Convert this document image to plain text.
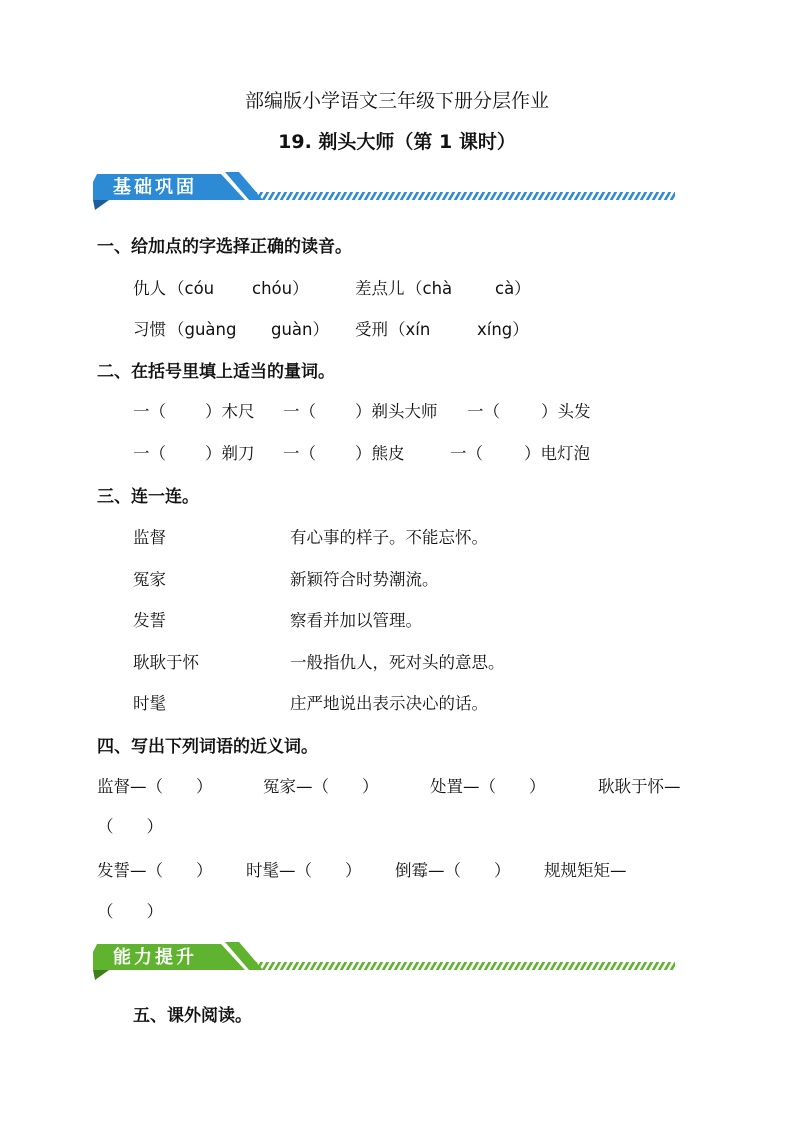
部编版小学语文三年级下册分层作业
19. 剃头大师（第 1 课时）
基础巩固
一、给加点的字选择正确的读音。
仇人 （cóu chóu）	差点儿 （chà	cà）
习惯 （guàng guàn） 受刑 （xín	xíng）
二、在括号里填上适当的量词。
一（ ）木尺 一（ ）剃头大师 一（ ）头发
一（ ）剃刀 一（ ）熊皮	一（ ）电灯泡
三、连一连。
监督	有心事的样子。不能忘怀。
冤家	新颖符合时势潮流。
发誓	察看并加以管理。
耿耿于怀	一般指仇人，死对头的意思。
时髦	庄严地说出表示决心的话。
四、写出下列词语的近义词。
监督—（　　）	冤家—（　　）	处置—（　　）	耿耿于怀—
（　　）
发誓—（　　） 时髦—（　　） 倒霉—（　　） 规规矩矩—
（　　）
能力提升
五、课外阅读。
